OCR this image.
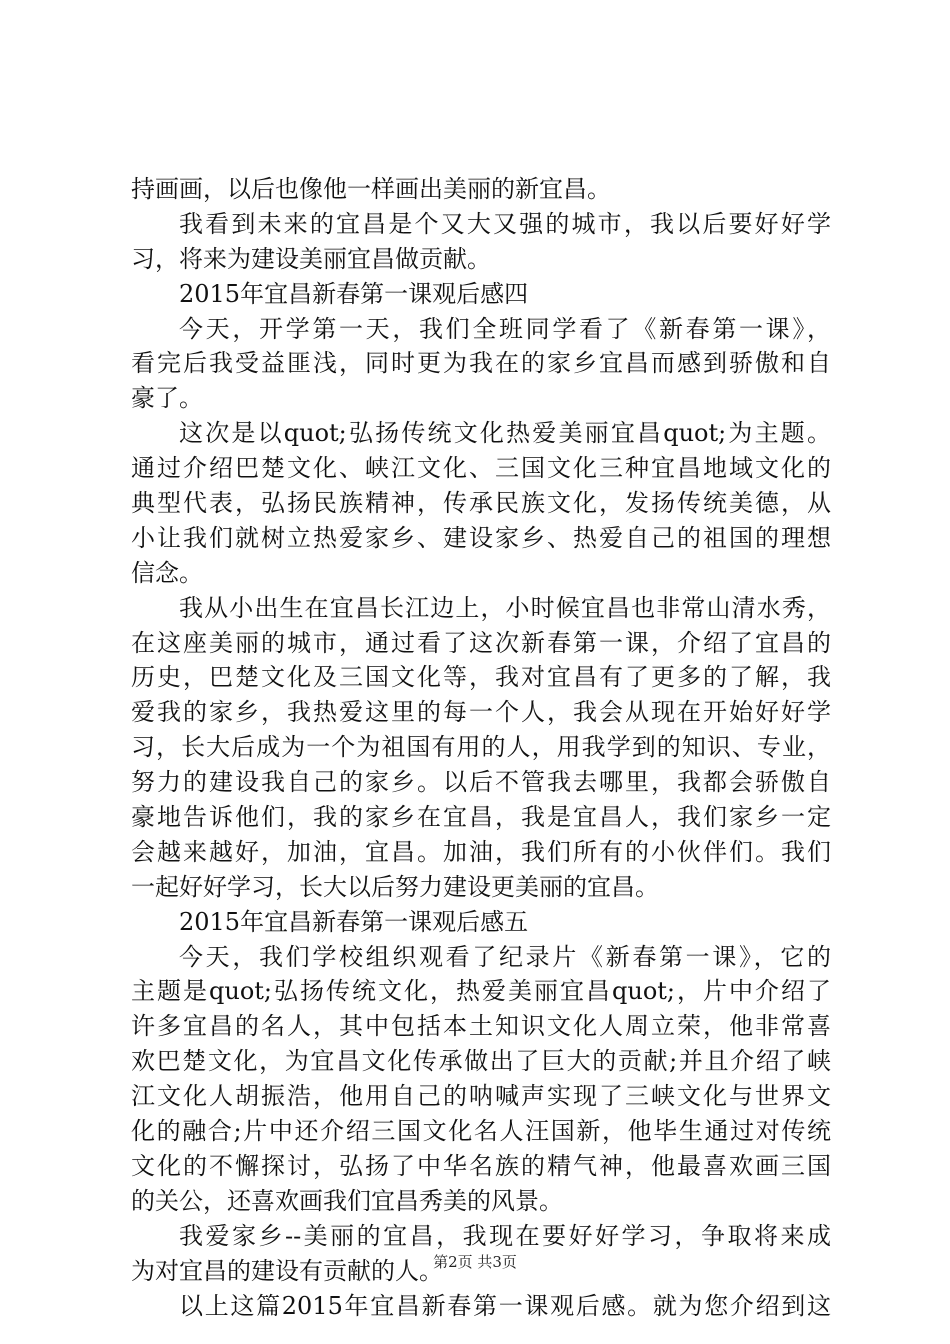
持画画，以后也像他一样画出美丽的新宜昌。
我看到未来的宜昌是个又大又强的城市，我以后要好好学
习，将来为建设美丽宜昌做贡献。
2015年宜昌新春第一课观后感四
今天，开学第一天，我们全班同学看了《新春第一课》，
看完后我受益匪浅，同时更为我在的家乡宜昌而感到骄傲和自
豪了。
这次是以quot;弘扬传统文化热爱美丽宜昌quot;为主题。
通过介绍巴楚文化、峡江文化、三国文化三种宜昌地域文化的
典型代表，弘扬民族精神，传承民族文化，发扬传统美德，从
小让我们就树立热爱家乡、建设家乡、热爱自己的祖国的理想
信念。
我从小出生在宜昌长江边上，小时候宜昌也非常山清水秀，
在这座美丽的城市，通过看了这次新春第一课，介绍了宜昌的
历史，巴楚文化及三国文化等，我对宜昌有了更多的了解，我
爱我的家乡，我热爱这里的每一个人，我会从现在开始好好学
习，长大后成为一个为祖国有用的人，用我学到的知识、专业，
努力的建设我自己的家乡。以后不管我去哪里，我都会骄傲自
豪地告诉他们，我的家乡在宜昌，我是宜昌人，我们家乡一定
会越来越好，加油，宜昌。加油，我们所有的小伙伴们。我们
一起好好学习，长大以后努力建设更美丽的宜昌。
2015年宜昌新春第一课观后感五
今天，我们学校组织观看了纪录片《新春第一课》，它的
主题是quot;弘扬传统文化，热爱美丽宜昌quot;，片中介绍了
许多宜昌的名人，其中包括本土知识文化人周立荣，他非常喜
欢巴楚文化，为宜昌文化传承做出了巨大的贡献;并且介绍了峡
江文化人胡振浩，他用自己的呐喊声实现了三峡文化与世界文
化的融合;片中还介绍三国文化名人汪国新，他毕生通过对传统
文化的不懈探讨，弘扬了中华名族的精气神，他最喜欢画三国
的关公，还喜欢画我们宜昌秀美的风景。
我爱家乡--美丽的宜昌，我现在要好好学习，争取将来成
为对宜昌的建设有贡献的人。
以上这篇2015年宜昌新春第一课观后感。就为您介绍到这
第2页 共3页
